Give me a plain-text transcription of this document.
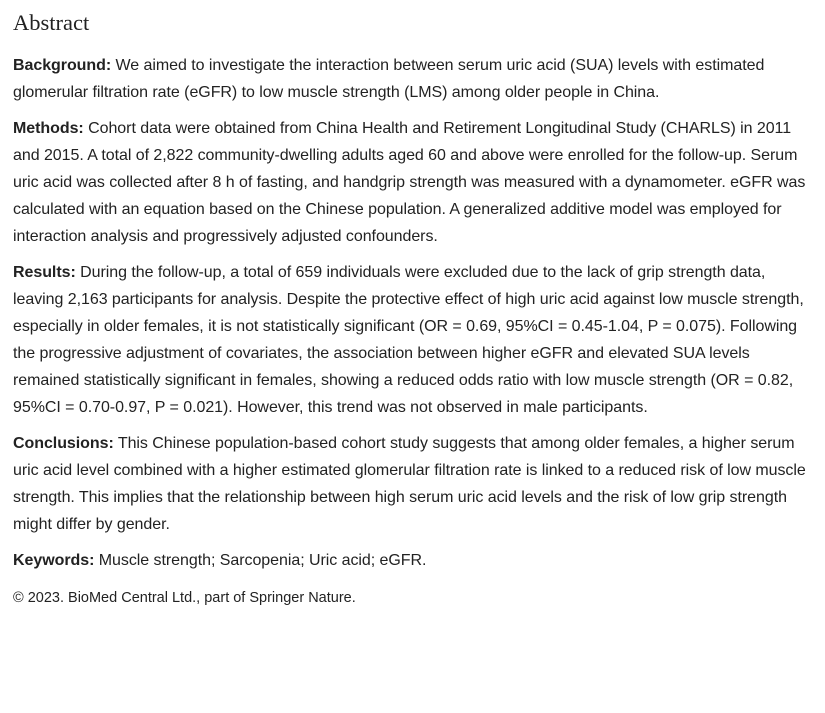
Abstract

Background: We aimed to investigate the interaction between serum uric acid (SUA) levels with estimated glomerular filtration rate (eGFR) to low muscle strength (LMS) among older people in China.

Methods: Cohort data were obtained from China Health and Retirement Longitudinal Study (CHARLS) in 2011 and 2015. A total of 2,822 community-dwelling adults aged 60 and above were enrolled for the follow-up. Serum uric acid was collected after 8 h of fasting, and handgrip strength was measured with a dynamometer. eGFR was calculated with an equation based on the Chinese population. A generalized additive model was employed for interaction analysis and progressively adjusted confounders.

Results: During the follow-up, a total of 659 individuals were excluded due to the lack of grip strength data, leaving 2,163 participants for analysis. Despite the protective effect of high uric acid against low muscle strength, especially in older females, it is not statistically significant (OR = 0.69, 95%CI = 0.45-1.04, P = 0.075). Following the progressive adjustment of covariates, the association between higher eGFR and elevated SUA levels remained statistically significant in females, showing a reduced odds ratio with low muscle strength (OR = 0.82, 95%CI = 0.70-0.97, P = 0.021). However, this trend was not observed in male participants.

Conclusions: This Chinese population-based cohort study suggests that among older females, a higher serum uric acid level combined with a higher estimated glomerular filtration rate is linked to a reduced risk of low muscle strength. This implies that the relationship between high serum uric acid levels and the risk of low grip strength might differ by gender.

Keywords: Muscle strength; Sarcopenia; Uric acid; eGFR.

© 2023. BioMed Central Ltd., part of Springer Nature.
